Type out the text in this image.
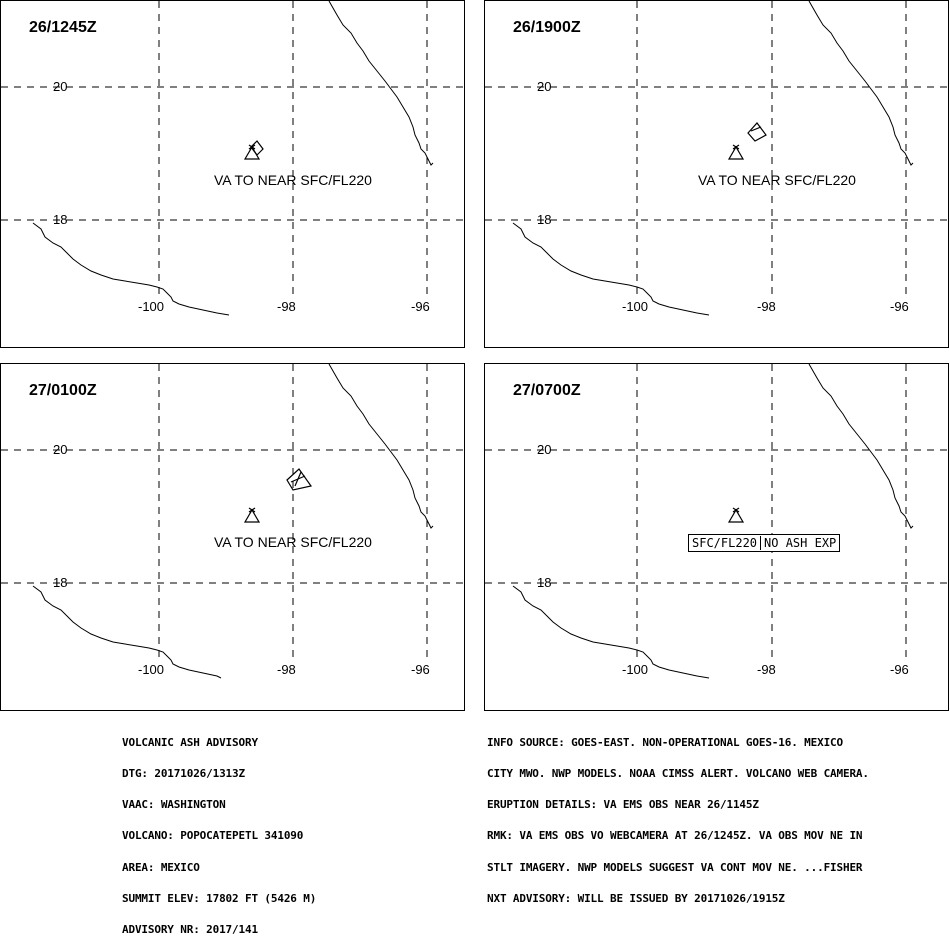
26/1245Z
20
18
-100	-98	-96
VA TO NEAR SFC/FL220
26/1900Z
20
18
-100	-98	-96
VA TO NEAR SFC/FL220
27/0100Z
20
18
-100	-98	-96
VA TO NEAR SFC/FL220
27/0700Z
20
18
-100	-98	-96
SFC/FL220 NO ASH EXP

VOLCANIC ASH ADVISORY

DTG: 20171026/1313Z

VAAC: WASHINGTON

VOLCANO: POPOCATEPETL 341090

AREA: MEXICO

SUMMIT ELEV: 17802 FT (5426 M)

ADVISORY NR: 2017/141

INFO SOURCE: GOES-EAST. NON-OPERATIONAL GOES-16. MEXICO

CITY MWO. NWP MODELS. NOAA CIMSS ALERT. VOLCANO WEB CAMERA.

ERUPTION DETAILS: VA EMS OBS NEAR 26/1145Z

RMK: VA EMS OBS VO WEBCAMERA AT 26/1245Z. VA OBS MOV NE IN

STLT IMAGERY. NWP MODELS SUGGEST VA CONT MOV NE. ...FISHER

NXT ADVISORY: WILL BE ISSUED BY 20171026/1915Z
